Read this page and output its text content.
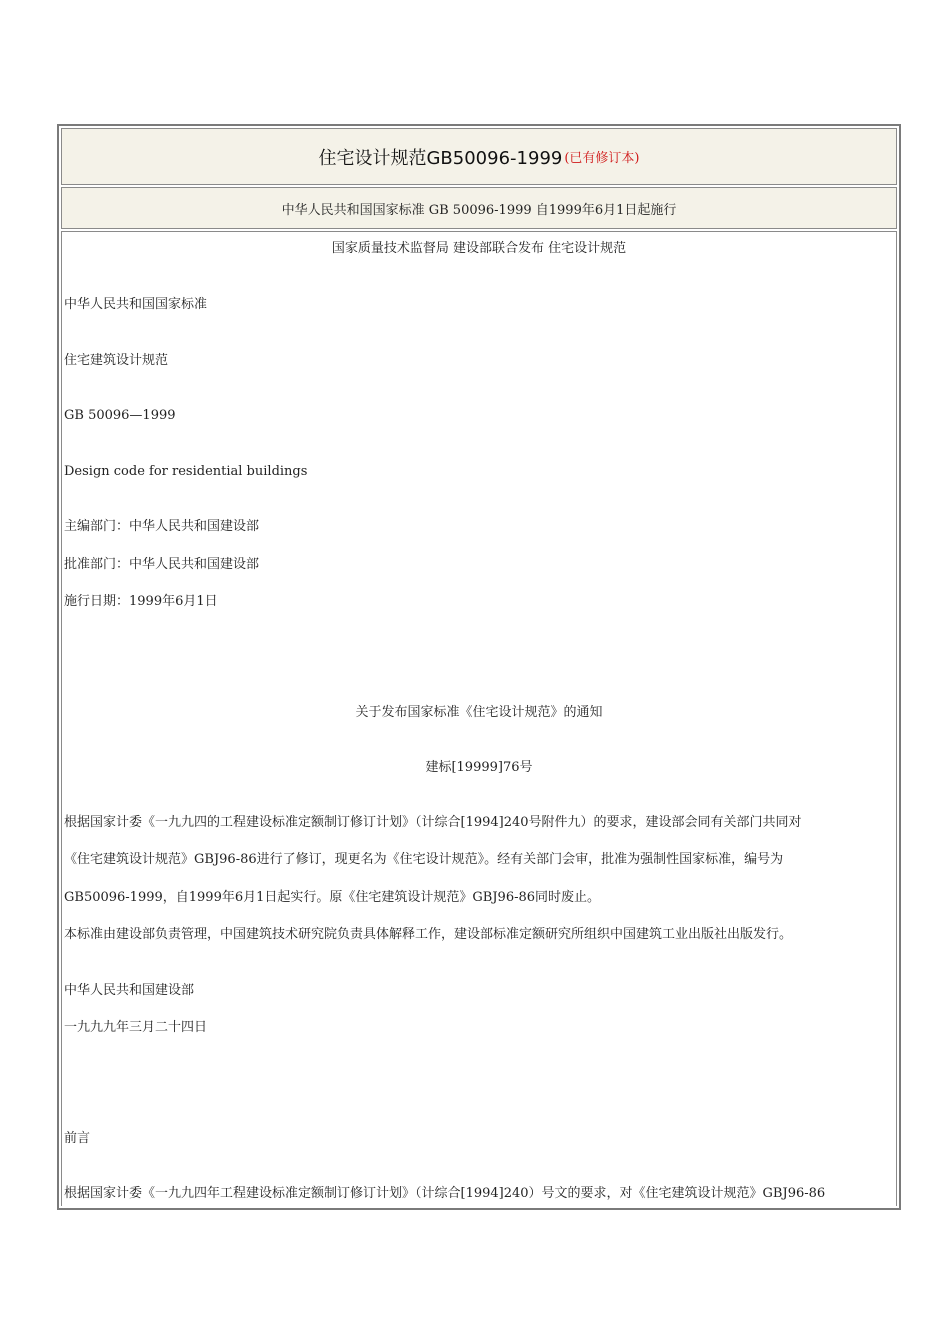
住宅设计规范GB50096-1999 (已有修订本)
中华人民共和国国家标准 GB 50096-1999 自1999年6月1日起施行
国家质量技术监督局 建设部联合发布 住宅设计规范
中华人民共和国国家标准
住宅建筑设计规范
GB 50096—1999
Design code for residential buildings
主编部门：中华人民共和国建设部
批准部门：中华人民共和国建设部
施行日期：1999年6月1日
关于发布国家标准《住宅设计规范》的通知
建标[19999]76号
根据国家计委《一九九四的工程建设标准定额制订修订计划》（计综合[1994]240号附件九）的要求，建设部会同有关部门共同对
《住宅建筑设计规范》GBJ96-86进行了修订，现更名为《住宅设计规范》。经有关部门会审，批准为强制性国家标准，编号为
GB50096-1999，自1999年6月1日起实行。原《住宅建筑设计规范》GBJ96-86同时废止。
本标准由建设部负责管理，中国建筑技术研究院负责具体解释工作，建设部标准定额研究所组织中国建筑工业出版社出版发行。
中华人民共和国建设部
一九九九年三月二十四日
前言
根据国家计委《一九九四年工程建设标准定额制订修订计划》（计综合[1994]240）号文的要求，对《住宅建筑设计规范》GBJ96-86
